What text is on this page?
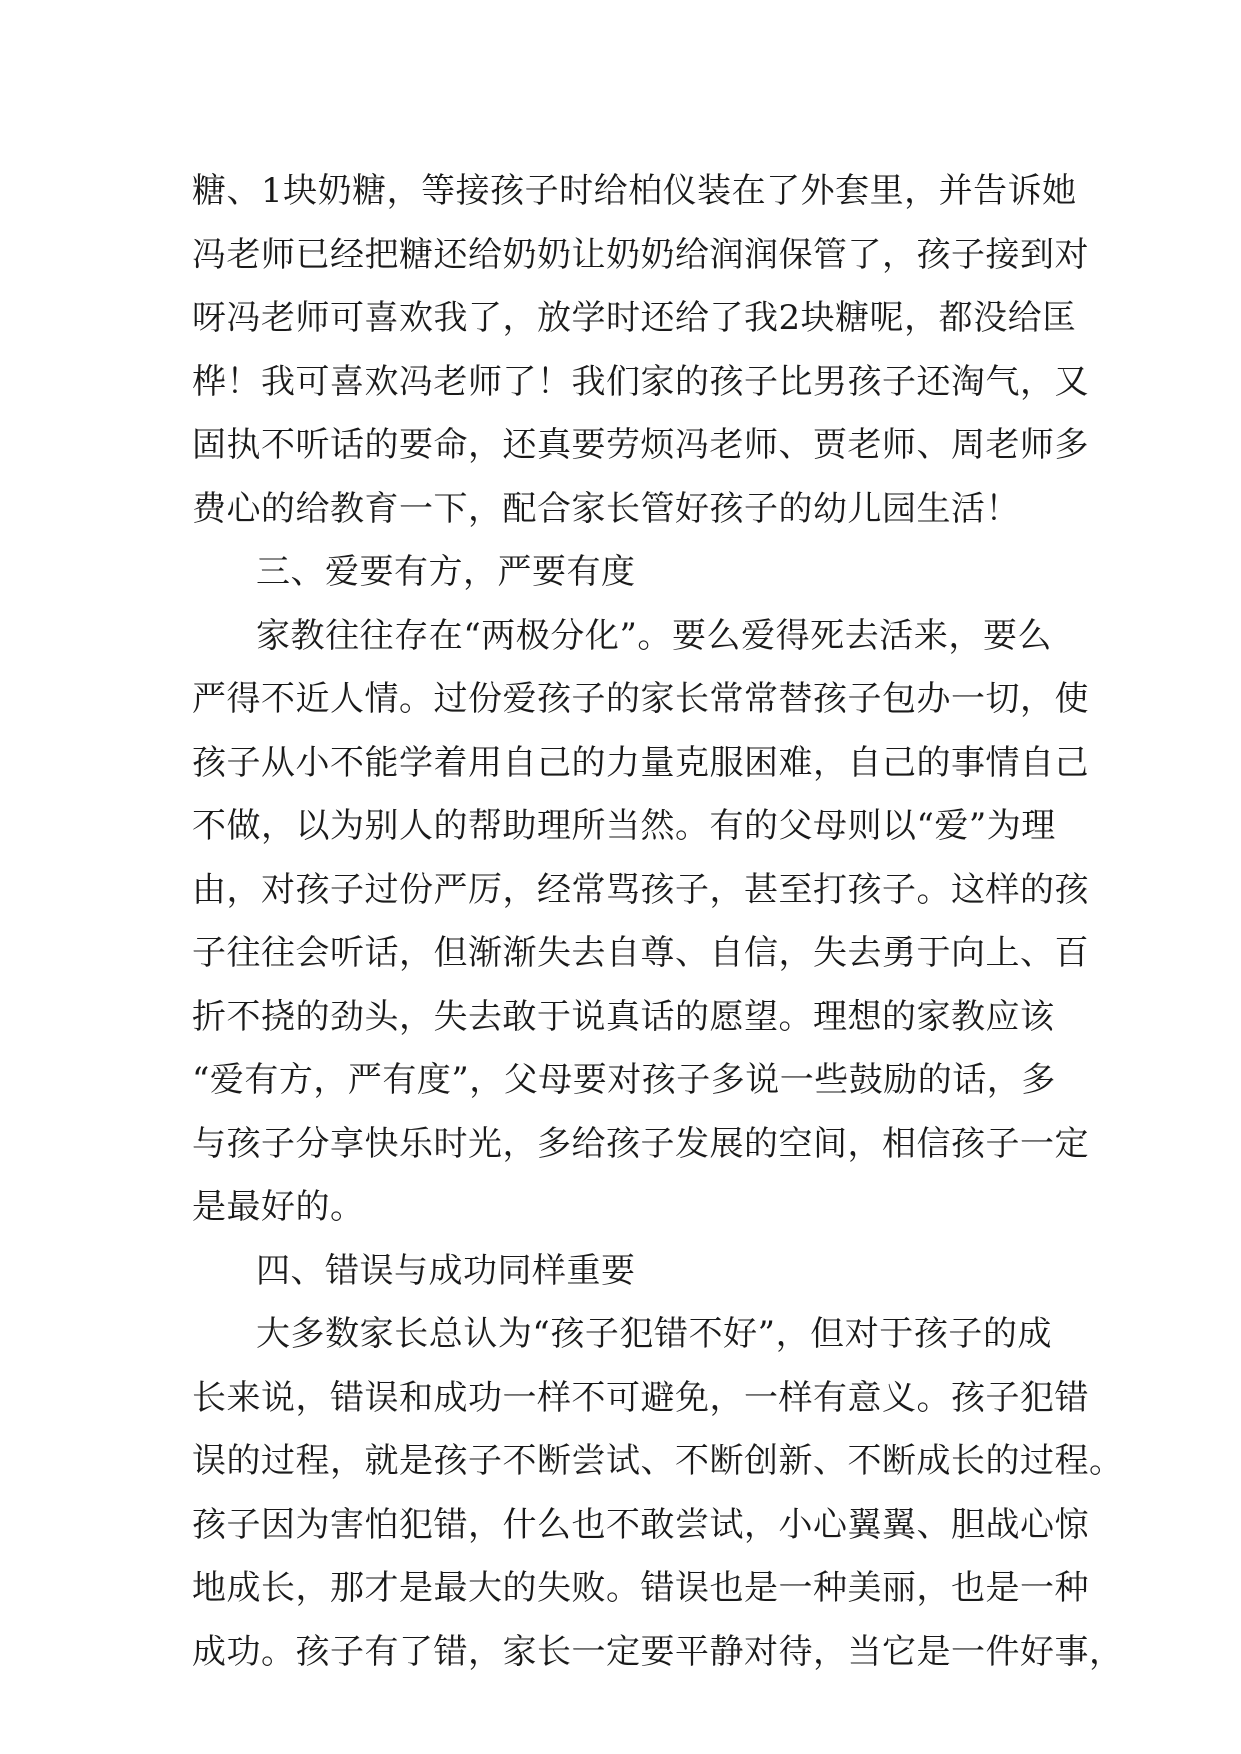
糖、1块奶糖，等接孩子时给柏仪装在了外套里，并告诉她
冯老师已经把糖还给奶奶让奶奶给润润保管了，孩子接到对
呀冯老师可喜欢我了，放学时还给了我2块糖呢，都没给匡
桦！我可喜欢冯老师了！我们家的孩子比男孩子还淘气，又
固执不听话的要命，还真要劳烦冯老师、贾老师、周老师多
费心的给教育一下，配合家长管好孩子的幼儿园生活！
三、爱要有方，严要有度
家教往往存在“两极分化”。要么爱得死去活来，要么
严得不近人情。过份爱孩子的家长常常替孩子包办一切，使
孩子从小不能学着用自己的力量克服困难，自己的事情自己
不做，以为别人的帮助理所当然。有的父母则以“爱”为理
由，对孩子过份严厉，经常骂孩子，甚至打孩子。这样的孩
子往往会听话，但渐渐失去自尊、自信，失去勇于向上、百
折不挠的劲头，失去敢于说真话的愿望。理想的家教应该
“爱有方，严有度”，父母要对孩子多说一些鼓励的话，多
与孩子分享快乐时光，多给孩子发展的空间，相信孩子一定
是最好的。
四、错误与成功同样重要
大多数家长总认为“孩子犯错不好”，但对于孩子的成
长来说，错误和成功一样不可避免，一样有意义。孩子犯错
误的过程，就是孩子不断尝试、不断创新、不断成长的过程。
孩子因为害怕犯错，什么也不敢尝试，小心翼翼、胆战心惊
地成长，那才是最大的失败。错误也是一种美丽，也是一种
成功。孩子有了错，家长一定要平静对待，当它是一件好事，
